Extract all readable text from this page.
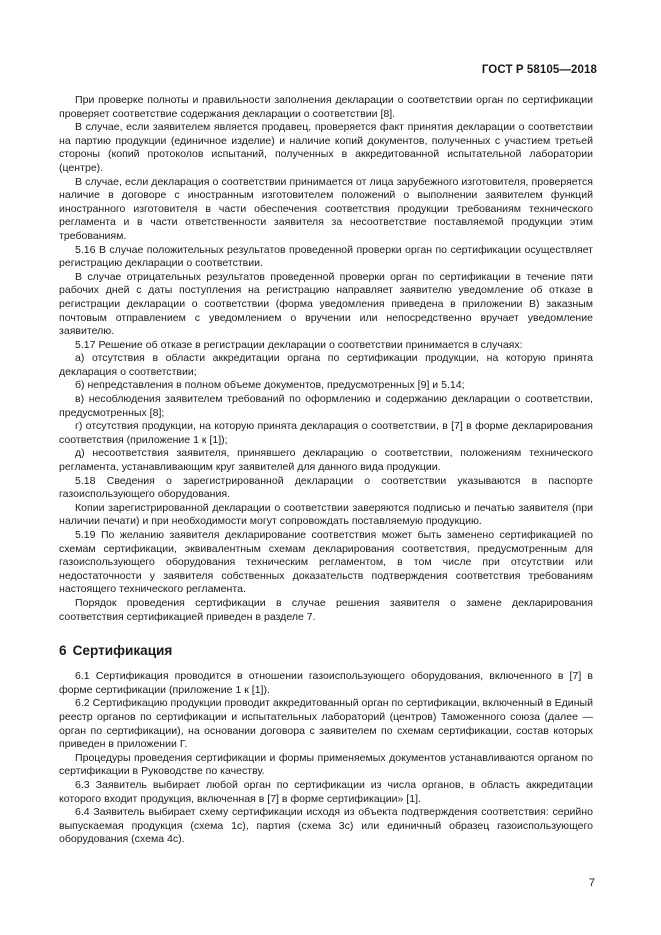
ГОСТ Р 58105—2018

При проверке полноты и правильности заполнения декларации о соответствии орган по сертификации проверяет соответствие содержания декларации о соответствии [8].

В случае, если заявителем является продавец, проверяется факт принятия декларации о соответствии на партию продукции (единичное изделие) и наличие копий документов, полученных с участием третьей стороны (копий протоколов испытаний, полученных в аккредитованной испытательной лаборатории (центре).

В случае, если декларация о соответствии принимается от лица зарубежного изготовителя, проверяется наличие в договоре с иностранным изготовителем положений о выполнении заявителем функций иностранного изготовителя в части обеспечения соответствия продукции требованиям технического регламента и в части ответственности заявителя за несоответствие поставляемой продукции этим требованиям.

5.16 В случае положительных результатов проведенной проверки орган по сертификации осуществляет регистрацию декларации о соответствии.

В случае отрицательных результатов проведенной проверки орган по сертификации в течение пяти рабочих дней с даты поступления на регистрацию направляет заявителю уведомление об отказе в регистрации декларации о соответствии (форма уведомления приведена в приложении В) заказным почтовым отправлением с уведомлением о вручении или непосредственно вручает уведомление заявителю.

5.17 Решение об отказе в регистрации декларации о соответствии принимается в случаях:

а) отсутствия в области аккредитации органа по сертификации продукции, на которую принята декларация о соответствии;

б) непредставления в полном объеме документов, предусмотренных [9] и 5.14;

в) несоблюдения заявителем требований по оформлению и содержанию декларации о соответствии, предусмотренных [8];

г) отсутствия продукции, на которую принята декларация о соответствии, в [7] в форме декларирования соответствия (приложение 1 к [1]);

д) несоответствия заявителя, принявшего декларацию о соответствии, положениям технического регламента, устанавливающим круг заявителей для данного вида продукции.

5.18 Сведения о зарегистрированной декларации о соответствии указываются в паспорте газоиспользующего оборудования.

Копии зарегистрированной декларации о соответствии заверяются подписью и печатью заявителя (при наличии печати) и при необходимости могут сопровождать поставляемую продукцию.

5.19 По желанию заявителя декларирование соответствия может быть заменено сертификацией по схемам сертификации, эквивалентным схемам декларирования соответствия, предусмотренным для газоиспользующего оборудования техническим регламентом, в том числе при отсутствии или недостаточности у заявителя собственных доказательств подтверждения соответствия требованиям настоящего технического регламента.

Порядок проведения сертификации в случае решения заявителя о замене декларирования соответствия сертификацией приведен в разделе 7.

6 Сертификация

6.1 Сертификация проводится в отношении газоиспользующего оборудования, включенного в [7] в форме сертификации (приложение 1 к [1]).

6.2 Сертификацию продукции проводит аккредитованный орган по сертификации, включенный в Единый реестр органов по сертификации и испытательных лабораторий (центров) Таможенного союза (далее — орган по сертификации), на основании договора с заявителем по схемам сертификации, состав которых приведен в приложении Г.

Процедуры проведения сертификации и формы применяемых документов устанавливаются органом по сертификации в Руководстве по качеству.

6.3 Заявитель выбирает любой орган по сертификации из числа органов, в область аккредитации которого входит продукция, включенная в [7] в форме сертификации» [1].

6.4 Заявитель выбирает схему сертификации исходя из объекта подтверждения соответствия: серийно выпускаемая продукция (схема 1с), партия (схема 3с) или единичный образец газоиспользующего оборудования (схема 4с).

7
